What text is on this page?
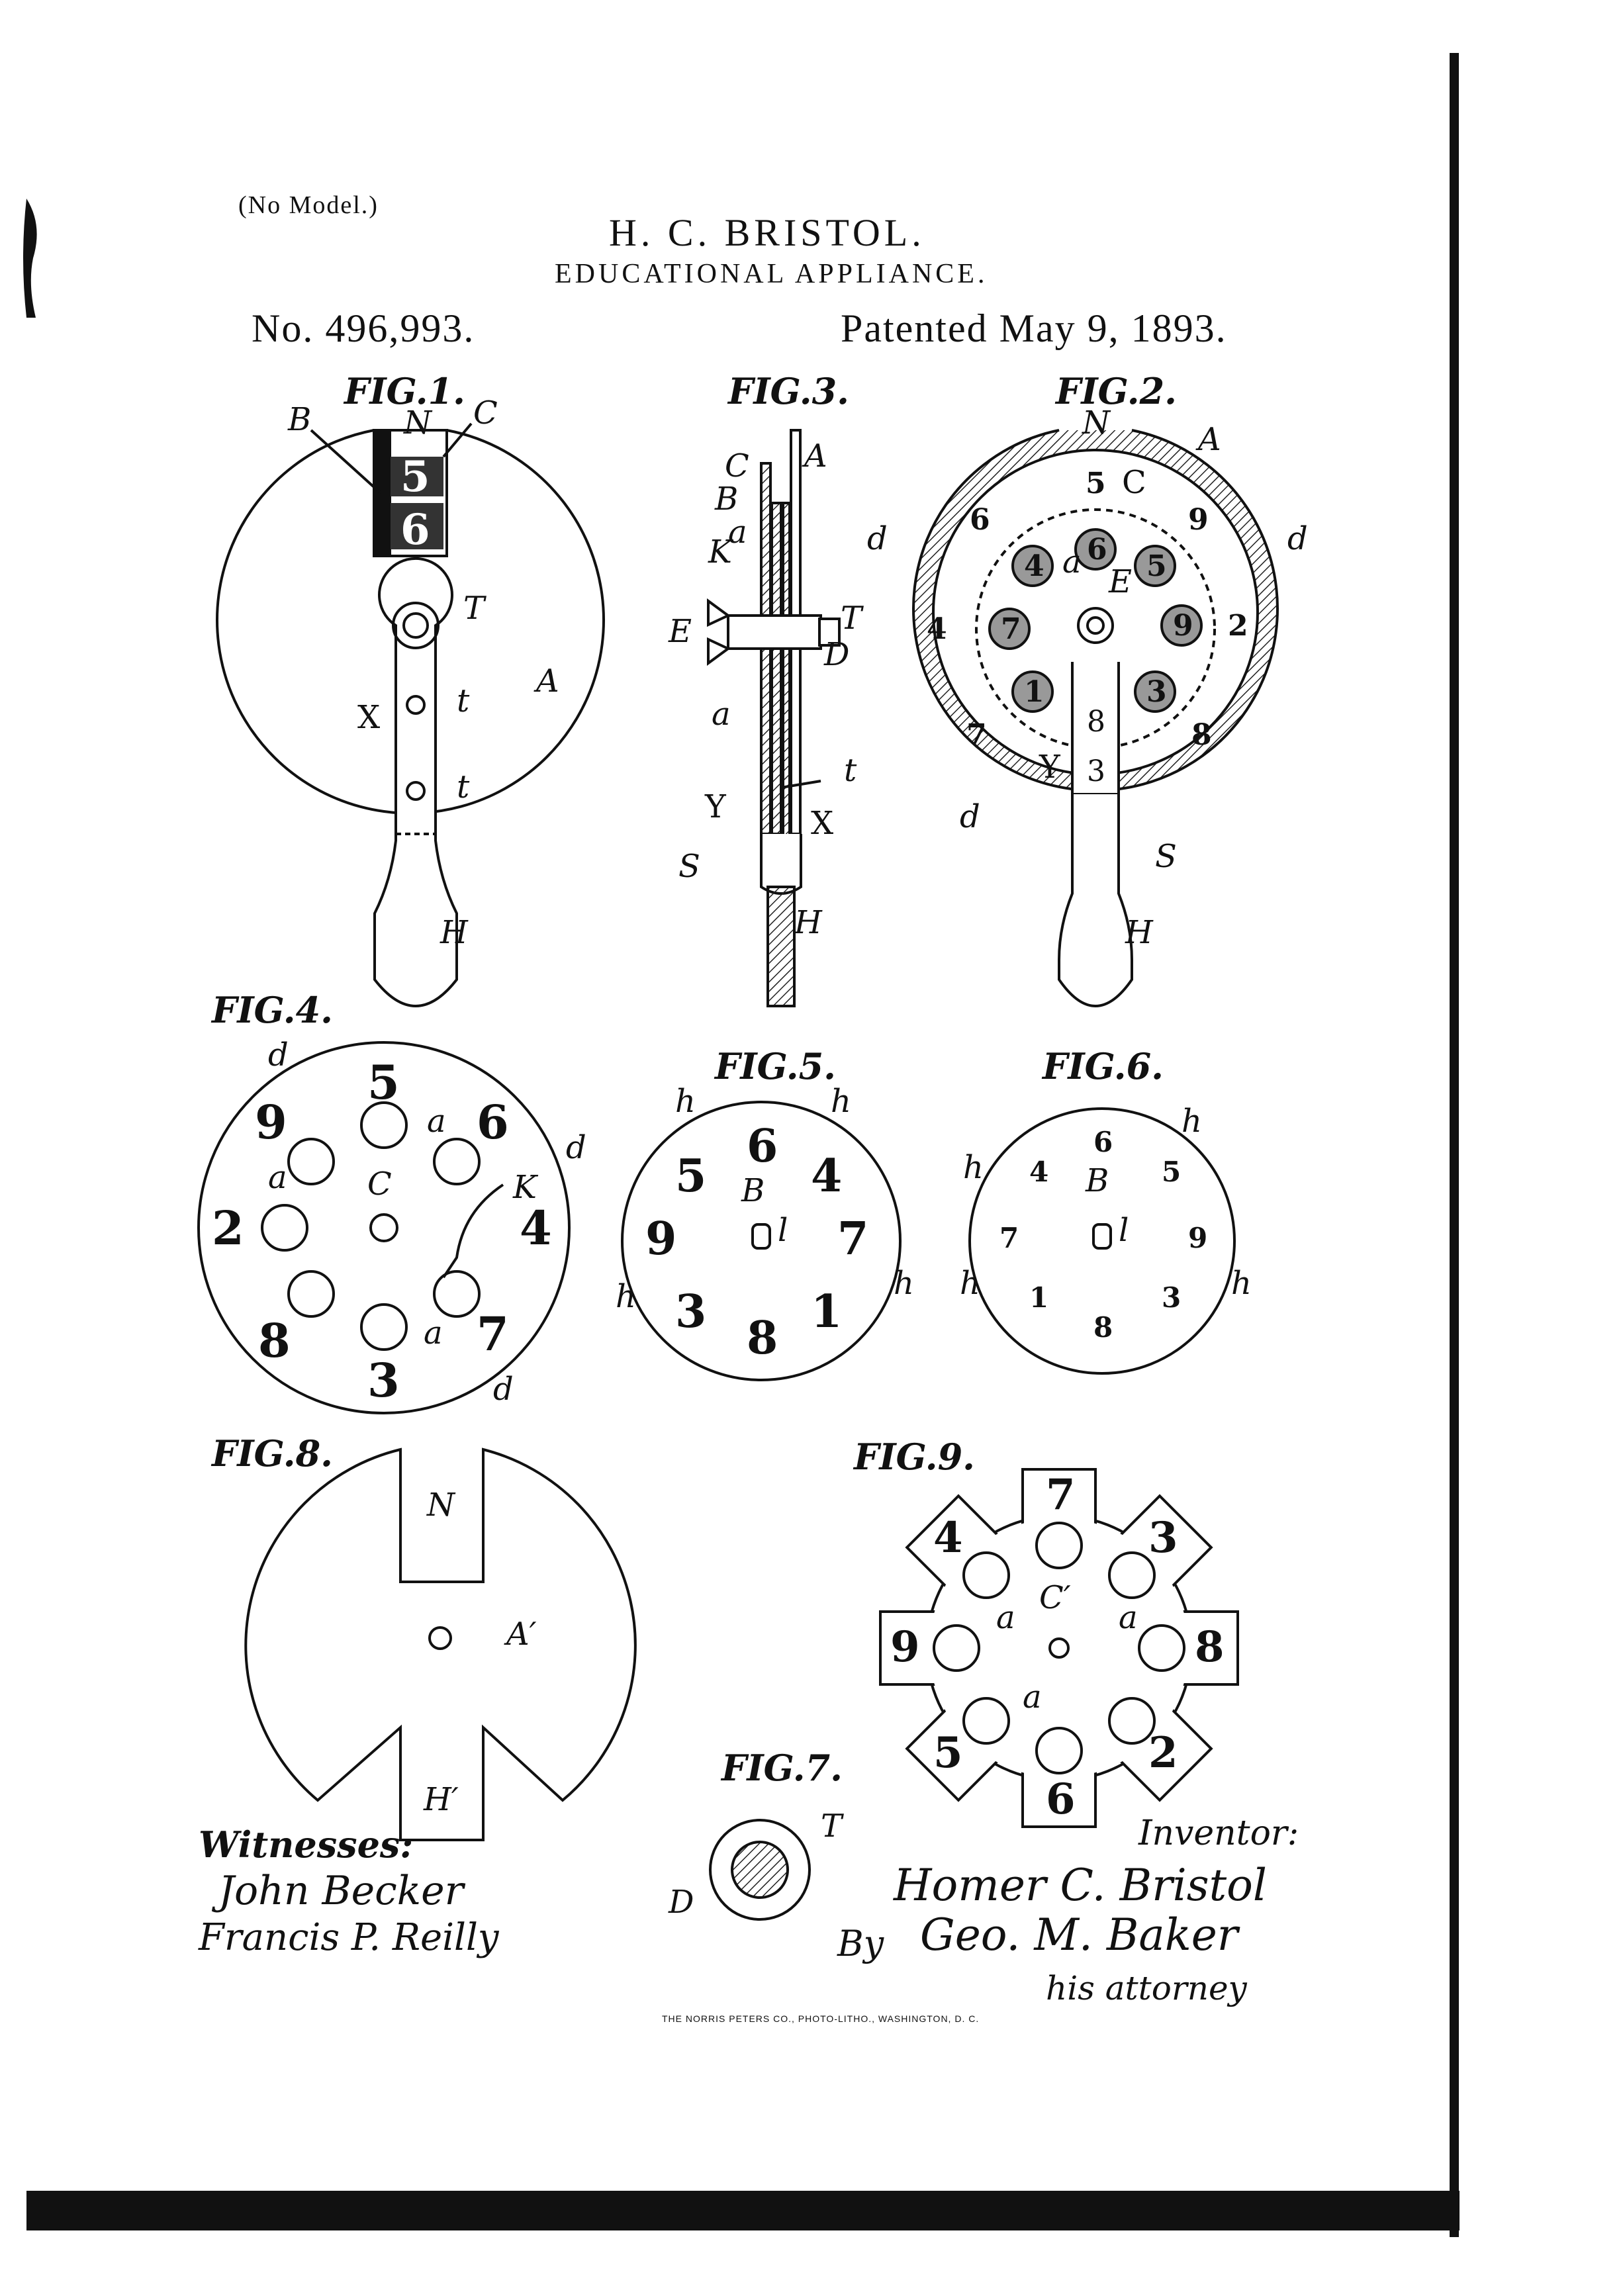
(No Model.)
H. C. BRISTOL.
EDUCATIONAL APPLIANCE.
No. 496,993.	Patented May 9, 1893.
FIG.1.
5
6
B	N C
T
A
X t
t
H
FIG.3.
A
C
B
a
K
T
E
D
a
t
Y	X
S
H
FIG.2.
5
9
2
8
7
4
6
6 5
9
3
1
7
4
8
3
N	A
C
d	d
d
E
a
Y
S
H
FIG.4.
5
6
4
7
3
8
2
9
C
a
a
a
d
d
d
K
FIG.5.
6
4
7
1
8
3
9
5 B
l
h	h
h	h
FIG.6.
6
5
9
3
8
1
7
4 B
l
h
h
h	h
FIG.8.
N
A′
H′
FIG.9.
7
3
8
2
6
5
9
4
C′
a	a
a
FIG.7.
T
D
Witnesses:
John Becker
Francis P. Reilly
Inventor:
Homer C. Bristol
By Geo. M. Baker
his attorney
THE NORRIS PETERS CO., PHOTO-LITHO., WASHINGTON, D. C.
